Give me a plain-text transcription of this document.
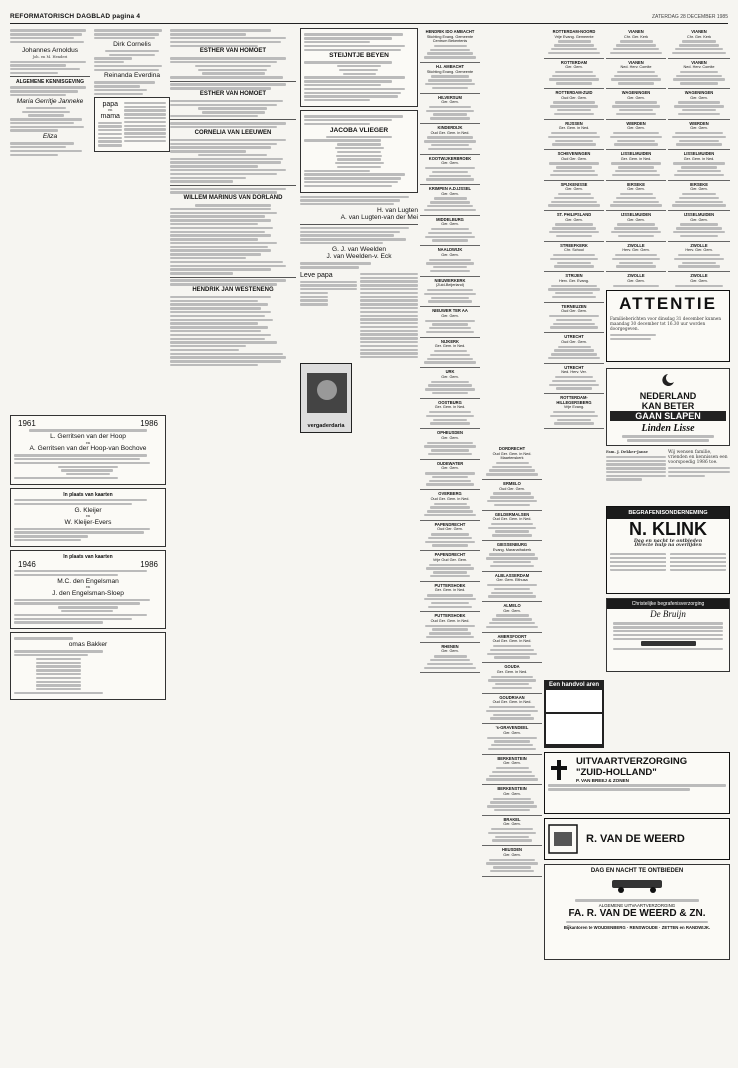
REFORMATORISCH DAGBLAD pagina 4	ZATERDAG 28 DECEMBER 1985
Johannes Arnoldus
Joh. en M. Henderi
ALGEMENE KENNISGEVING
Maria Gerritje Janneke
Eliza
1961	1986
L. Gerritsen van der Hoop
en
A. Gerritsen van der Hoop-van Bochove
In plaats van kaarten
G. Kleijer
en
W. Kleijer-Evers
In plaats van kaarten
1946	1986
M.C. den Engelsman
en
J. den Engelsman-Sloep
omas Bakker
Dirk Cornelis
Reinanda Everdina
papa
en
mama
ESTHER VAN HOMOET
ESTHER VAN HOMOET
CORNELIA VAN LEEUWEN
WILLEM MARINUS VAN DORLAND
HENDRIK JAN WESTENENG
STEIJNTJE BEYEN
JACOBA VLIEGER
H. van Lugten
A. van Lugten-van der Mei
G. J. van Weelden
J. van Weelden-v. Eck
Leve papa
vergaderdaria
HENDRIK IDO AMBACHT
Stichting Evang. Gemeente Centrum Bekentenis
H.I. AMBACHT
Stichting Evang. Gemeente
HILVERSUM
Ger. Gem.
KINDERDIJK
Oud Ger. Gem. in Ned.
KOOTWIJKERBROEK
Ger. Gem.
KRIMPEN A.D.IJSSEL
Ger. Gem.
MIDDELBURG
Ger. Gem.
NAALDWIJK
Ger. Gem.
NIEUWERKERK
(Zuid-Beijerland)
NIEUWER TER AA
Ger. Gem.
NIJKERK
Ger. Gem. in Ned.
URK
Ger. Gem.
OOSTBURG
Ger. Gem. in Ned.
OPHEUSDEN
Ger. Gem.
OUDEWATER
Ger. Gem.
OVERBERG
Oud Ger. Gem. in Ned.
PAPENDRECHT
Oud Ger. Gem.
PAPENDRECHT
Vrije Oud Ger. Gem.
PUTTERSHOEK
Ger. Gem. in Ned.
PUTTERSHOEK
Oud Ger. Gem. in Ned.
RHENEN
Ger. Gem.
DORDRECHT
Oud Ger. Gem. in Ned. Maartenskerk
ERMELO
Oud Ger. Gem.
GELDERMALSEN
Oud Ger. Gem. in Ned.
GIESSENBURG
Evang. Maranathakerk
ALBLASSERDAM
Ger. Gem. Elthusa
ALMELO
Ger. Gem.
AMERSFOORT
Oud Ger. Gem. in Ned.
GOUDA
Ger. Gem. in Ned.
GOUDRIAAN
Oud Ger. Gem. in Ned.
's-GRAVENDEEL
Ger. Gem.
BERKENSTEIN
Ger. Gem.
BERKENSTEIN
Ger. Gem.
BRAKEL
Ger. Gem.
HEUSDEN
Ger. Gem.
ROTTERDAM-NOORD
Vrije Evang. Gemeente
ROTTERDAM
Ger. Gem.
ROTTERDAM-ZUID
Oud Ger. Gem.
RIJSSEN
Ger. Gem. in Ned.
SCHEVENINGEN
Oud Ger. Gem.
SPIJKENISSE
Ger. Gem.
ST. PHILIPSLAND
Ger. Gem.
STREEFKERK
Chr. School
STRIJEN
Herv. Ger. Evang.
TERNEUZEN
Oud Ger. Gem.
UTRECHT
Oud Ger. Gem.
UTRECHT
Ned. Herv. Ver.
ROTTERDAM-HILLEGERSBERG
Vrije Evang.
VIANEN
Chr. Ger. Kerk
VIANEN
Ned. Herv. Comite
WAGENINGEN
Ger. Gem.
WIERDEN
Ger. Gem.
LISSELMUIDEN
Ger. Gem. in Ned.
IERSEKE
Ger. Gem.
IJSSELMUIDEN
Ger. Gem.
ZWOLLE
Herv. Ger. Gem.
ZWOLLE
Ger. Gem.
VIANEN
Chr. Ger. Kerk
VIANEN
Ned. Herv. Comite
WAGENINGEN
Ger. Gem.
WIERDEN
Ger. Gem.
LISSELMUIDEN
Ger. Gem. in Ned.
IERSEKE
Ger. Gem.
IJSSELMUIDEN
Ger. Gem.
ZWOLLE
Herv. Ger. Gem.
ZWOLLE
Ger. Gem.
ATTENTIE
Familieberichten voor dinsdag 31 december kunnen maandag 30 december tot 16.30 uur worden doorgegeven.
NEDERLAND
KAN BETER
GAAN SLAPEN
Linden Lisse
Fam. J. Dekker-Janse	Wij wensen familie, vrienden en kennissen een voorspoedig 1986 toe.
BEGRAFENISONDERNEMING
N. KLINK
Dag en nacht te ontbieden
Directe hulp na overlijden
Christelijke begrafenisverzorging
De Bruijn
Een handvol aren
UITVAARTVERZORGING
"ZUID-HOLLAND"
P. VAN BREEJ & ZONEN
R. VAN DE WEERD
DAG EN NACHT TE ONTBIEDEN
ALGEMENE UITVAARTVERZORGING
FA. R. VAN DE WEERD & ZN.
Bijkantoren te WOUDENBERG · RENSWOUDE · ZETTEN en RANDWIJK.
